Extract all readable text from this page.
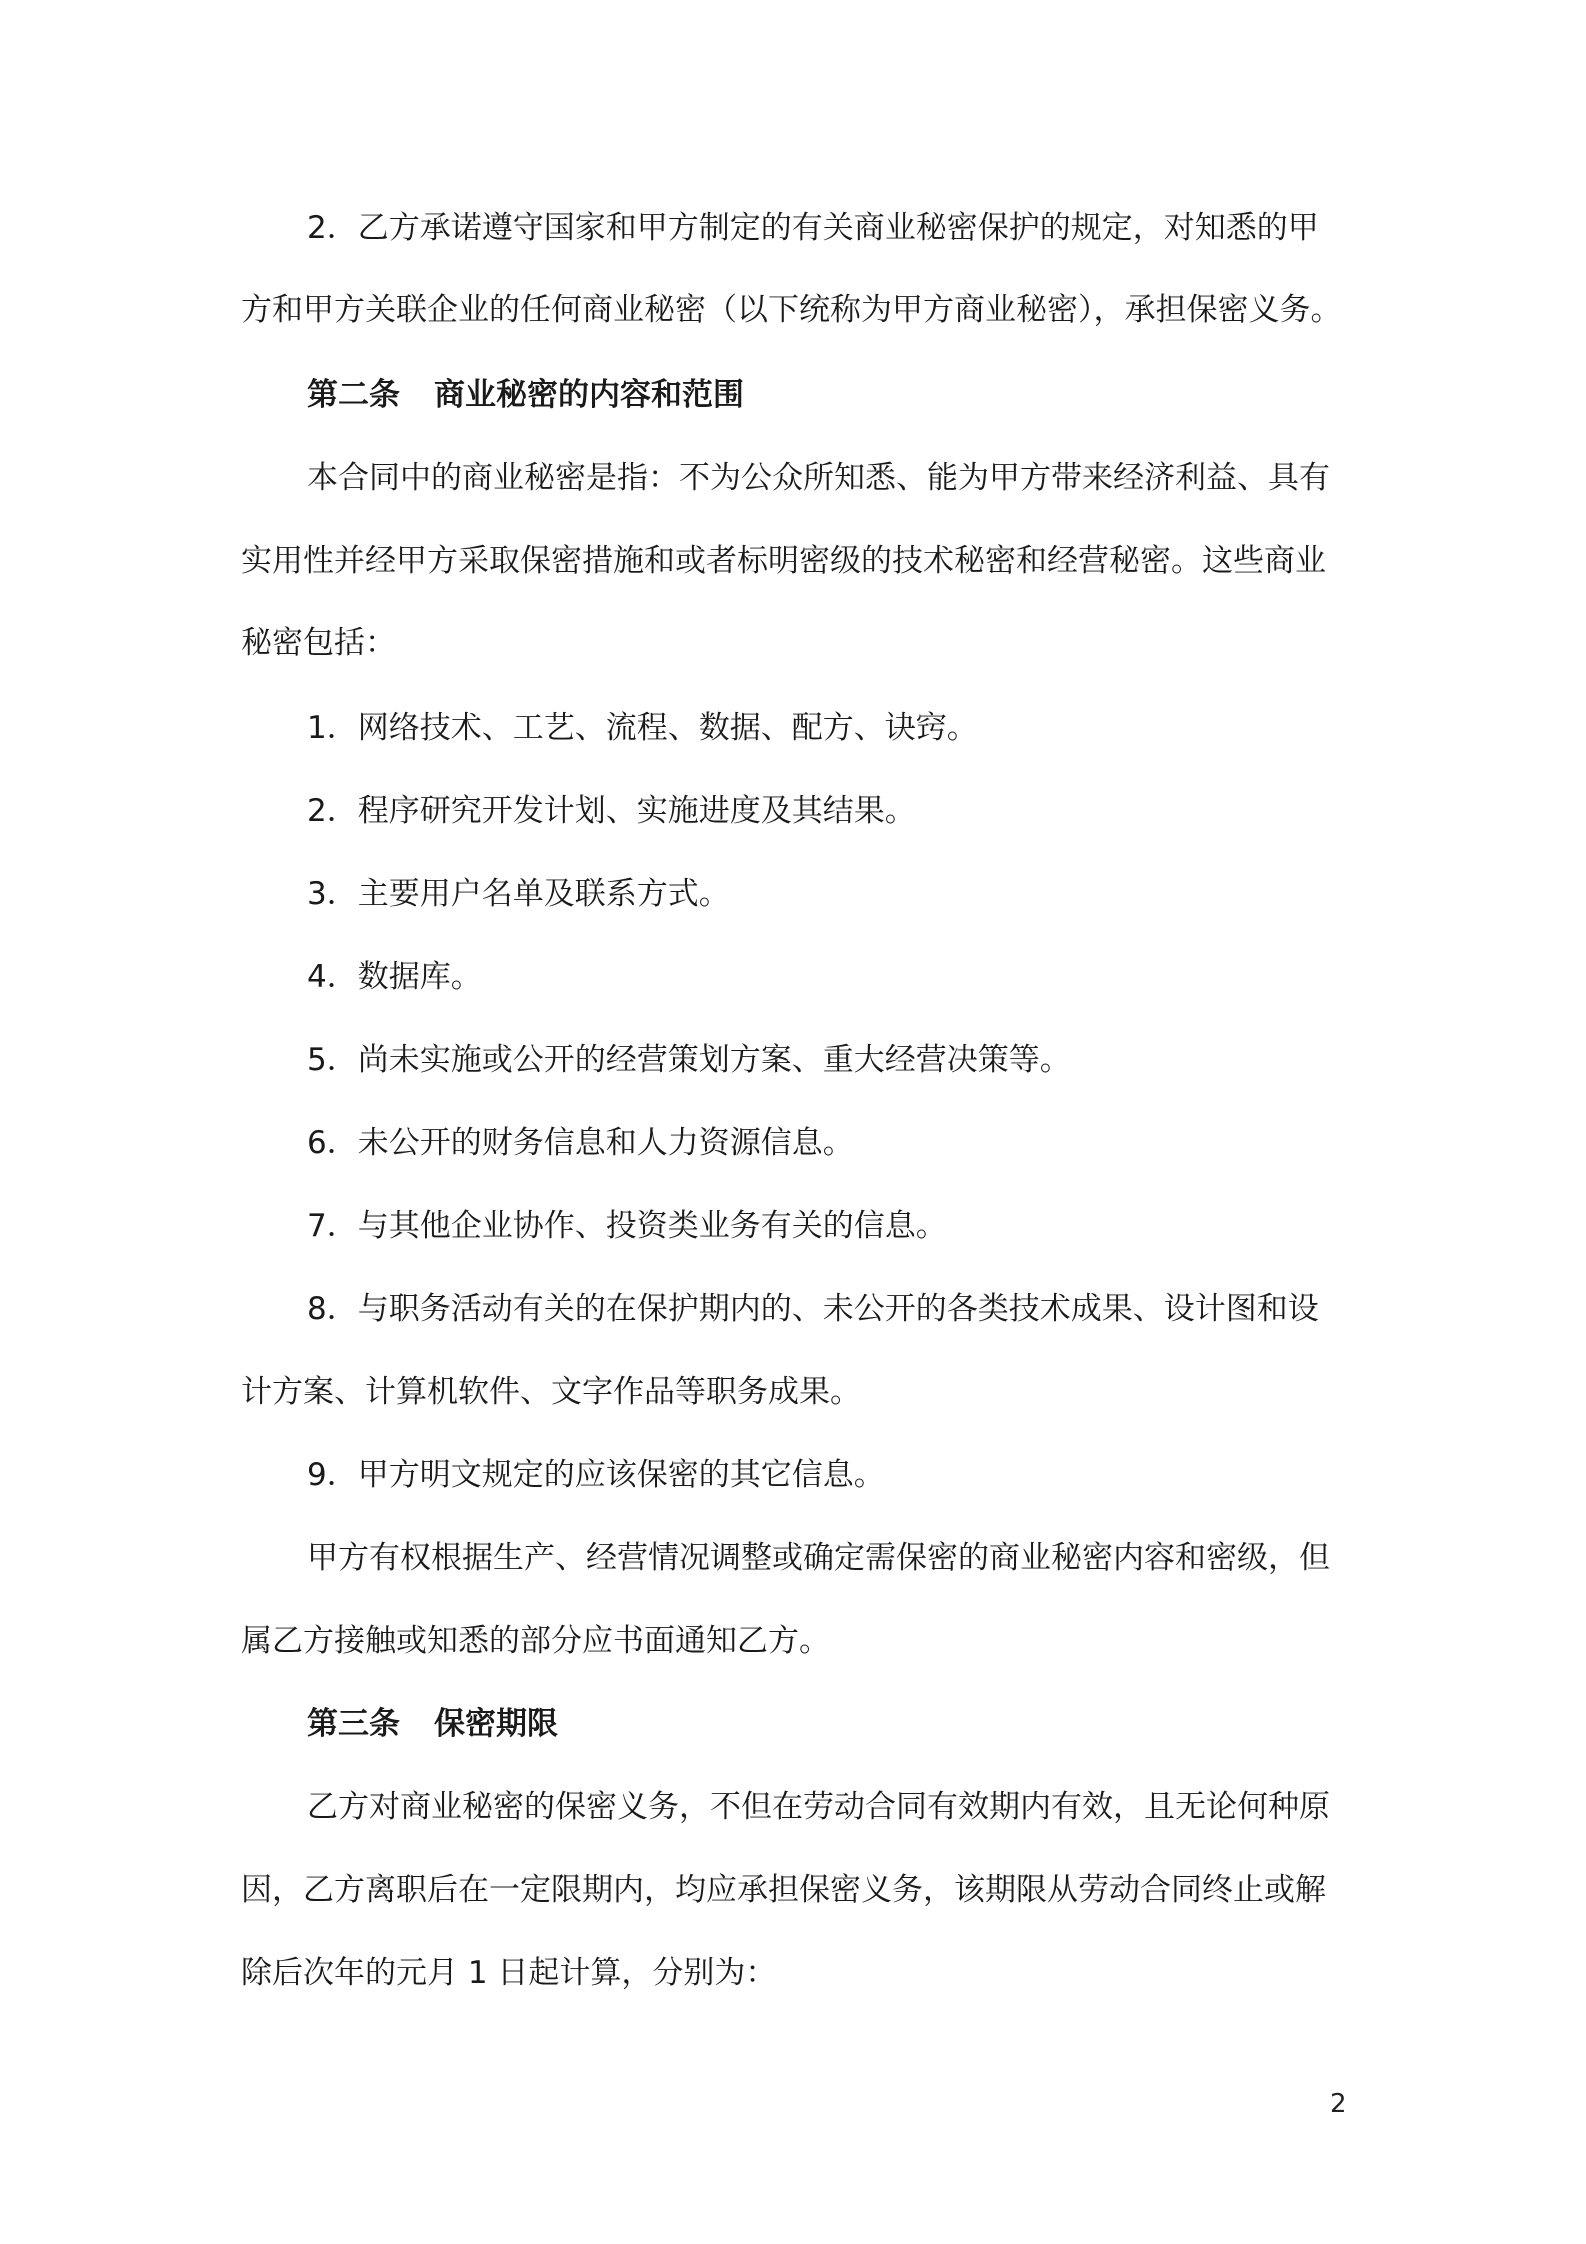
2．乙方承诺遵守国家和甲方制定的有关商业秘密保护的规定，对知悉的甲
方和甲方关联企业的任何商业秘密（以下统称为甲方商业秘密），承担保密义务。
第二条 商业秘密的内容和范围
本合同中的商业秘密是指：不为公众所知悉、能为甲方带来经济利益、具有
实用性并经甲方采取保密措施和或者标明密级的技术秘密和经营秘密。这些商业
秘密包括：
1．网络技术、工艺、流程、数据、配方、诀窍。
2．程序研究开发计划、实施进度及其结果。
3．主要用户名单及联系方式。
4．数据库。
5．尚未实施或公开的经营策划方案、重大经营决策等。
6．未公开的财务信息和人力资源信息。
7．与其他企业协作、投资类业务有关的信息。
8．与职务活动有关的在保护期内的、未公开的各类技术成果、设计图和设
计方案、计算机软件、文字作品等职务成果。
9．甲方明文规定的应该保密的其它信息。
甲方有权根据生产、经营情况调整或确定需保密的商业秘密内容和密级，但
属乙方接触或知悉的部分应书面通知乙方。
第三条 保密期限
乙方对商业秘密的保密义务，不但在劳动合同有效期内有效，且无论何种原
因，乙方离职后在一定限期内，均应承担保密义务，该期限从劳动合同终止或解
除后次年的元月 1 日起计算，分别为：
2
